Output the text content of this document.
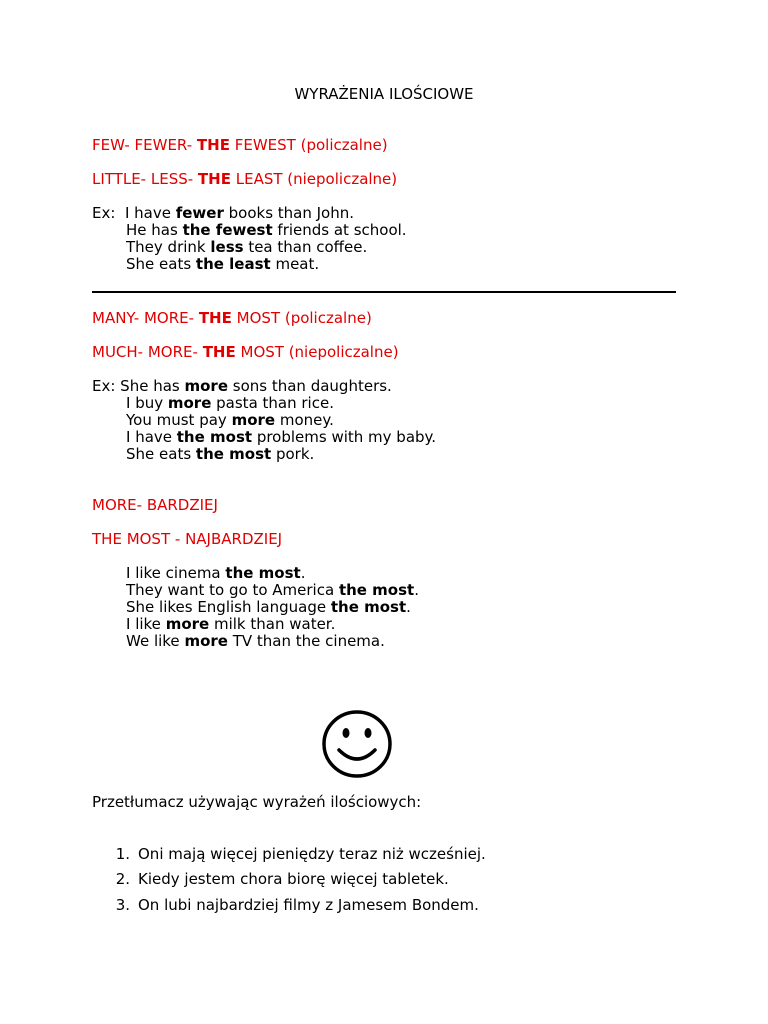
WYRAŻENIA ILOŚCIOWE
FEW- FEWER- THE FEWEST (policzalne)
LITTLE- LESS- THE LEAST (niepoliczalne)
Ex:  I have fewer books than John.
He has the fewest friends at school.
They drink less tea than coffee.
She eats the least meat.
MANY- MORE- THE MOST (policzalne)
MUCH- MORE- THE MOST (niepoliczalne)
Ex: She has more sons than daughters.
I buy more pasta than rice.
You must pay more money.
I have the most problems with my baby.
She eats the most pork.
MORE- BARDZIEJ
THE MOST - NAJBARDZIEJ
I like cinema the most.
They want to go to America the most.
She likes English language the most.
I like more milk than water.
We like more TV than the cinema.
Przetłumacz używając wyrażeń ilościowych:
1. Oni mają więcej pieniędzy teraz niż wcześniej.
2. Kiedy jestem chora biorę więcej tabletek.
3. On lubi najbardziej filmy z Jamesem Bondem.
